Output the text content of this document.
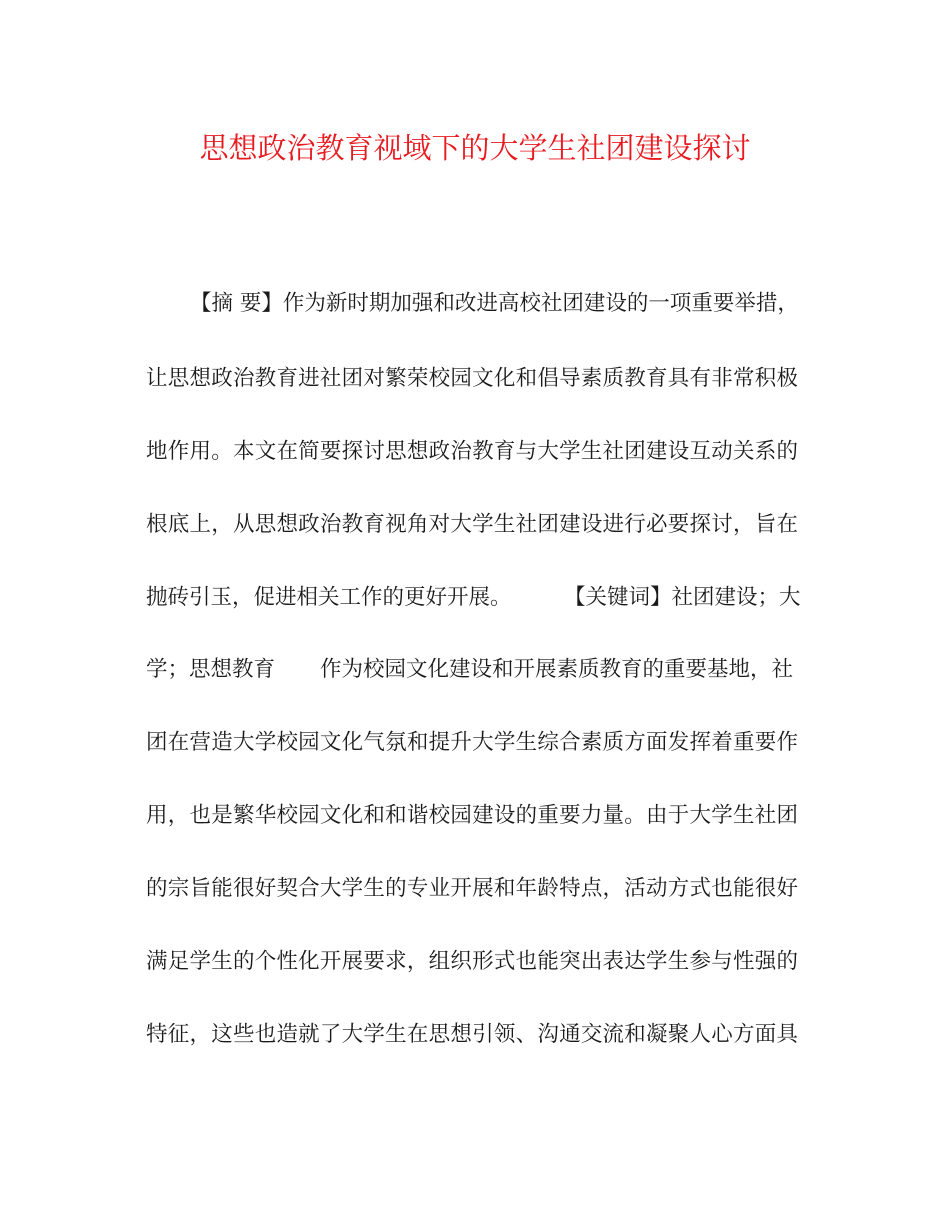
思想政治教育视域下的大学生社团建设探讨
【摘 要】作为新时期加强和改进高校社团建设的一项重要举措，
让思想政治教育进社团对繁荣校园文化和倡导素质教育具有非常积极
地作用。本文在简要探讨思想政治教育与大学生社团建设互动关系的
根底上，从思想政治教育视角对大学生社团建设进行必要探讨，旨在
抛砖引玉，促进相关工作的更好开展。 【关键词】社团建设；大
学；思想教育 作为校园文化建设和开展素质教育的重要基地，社
团在营造大学校园文化气氛和提升大学生综合素质方面发挥着重要作
用，也是繁华校园文化和和谐校园建设的重要力量。由于大学生社团
的宗旨能很好契合大学生的专业开展和年龄特点，活动方式也能很好
满足学生的个性化开展要求，组织形式也能突出表达学生参与性强的
特征，这些也造就了大学生在思想引领、沟通交流和凝聚人心方面具
